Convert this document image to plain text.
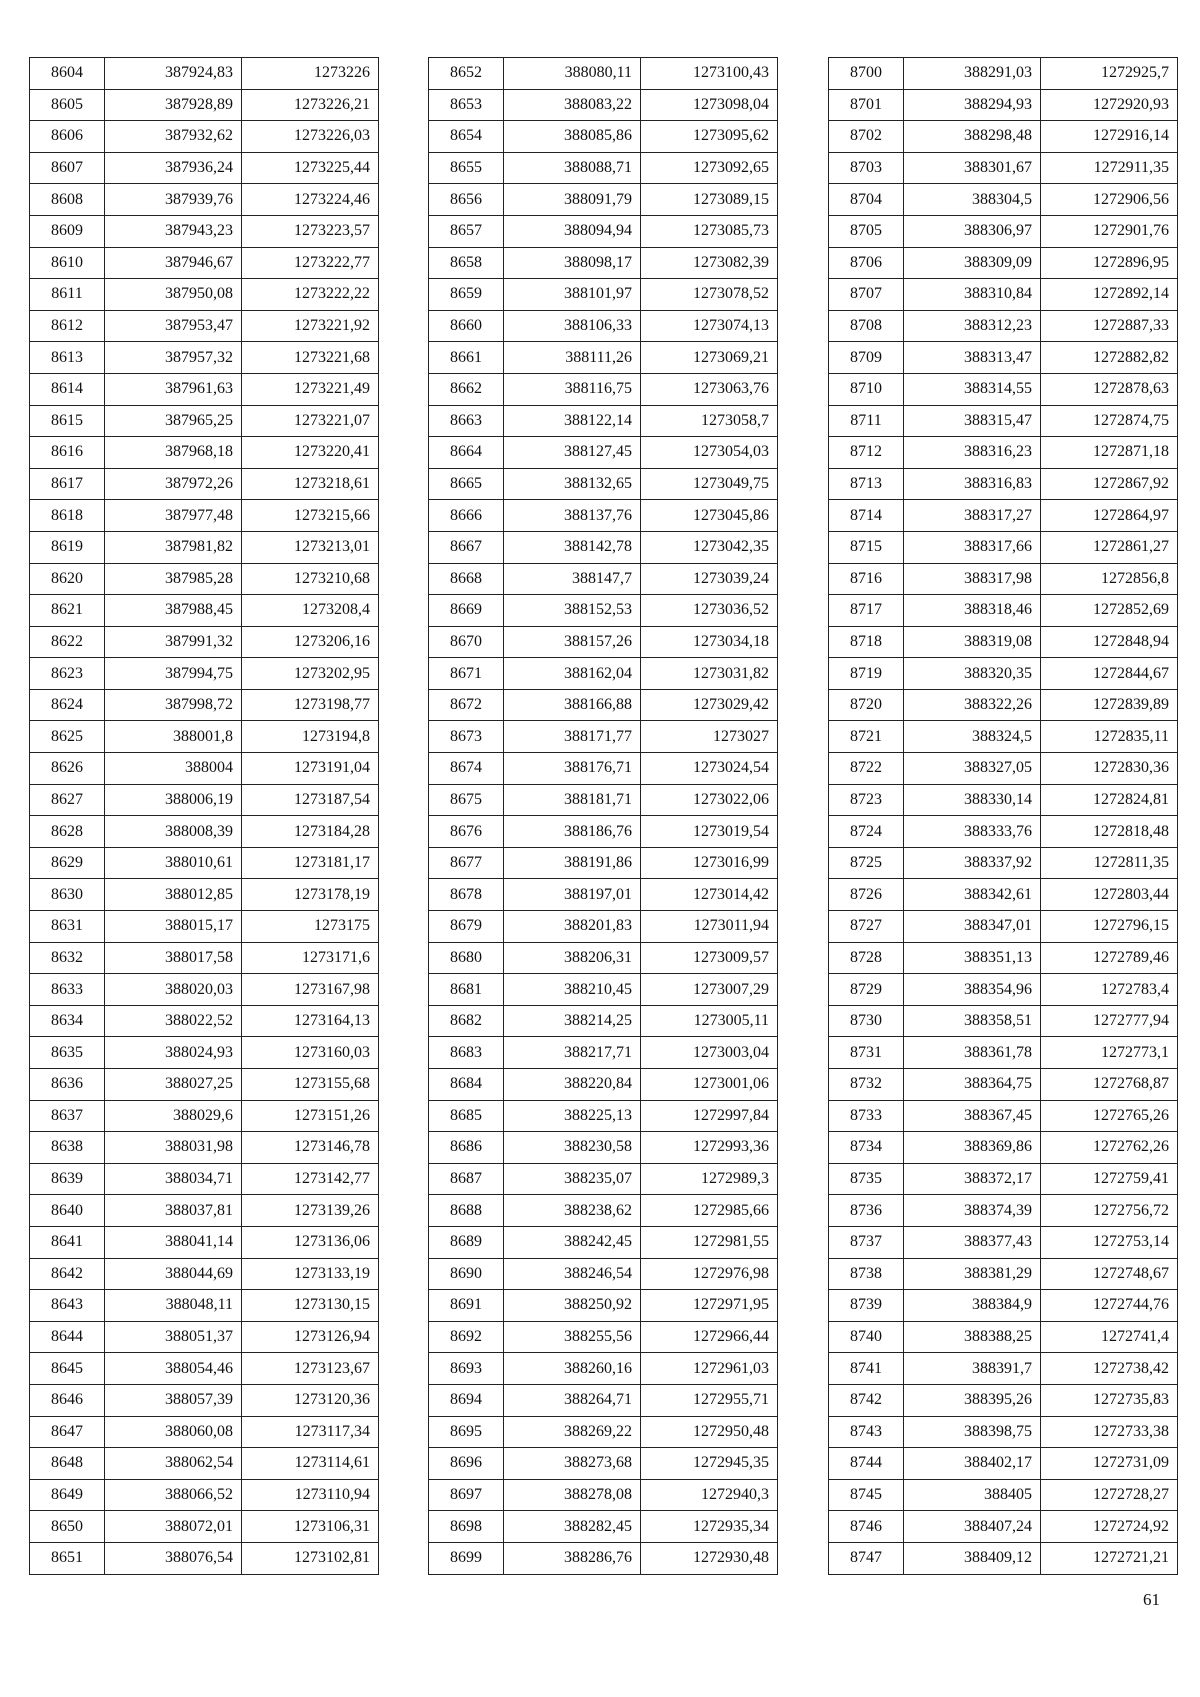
8604	387924,83	1273226
8605	387928,89	1273226,21
8606	387932,62	1273226,03
8607	387936,24	1273225,44
8608	387939,76	1273224,46
8609	387943,23	1273223,57
8610	387946,67	1273222,77
8611	387950,08	1273222,22
8612	387953,47	1273221,92
8613	387957,32	1273221,68
8614	387961,63	1273221,49
8615	387965,25	1273221,07
8616	387968,18	1273220,41
8617	387972,26	1273218,61
8618	387977,48	1273215,66
8619	387981,82	1273213,01
8620	387985,28	1273210,68
8621	387988,45	1273208,4
8622	387991,32	1273206,16
8623	387994,75	1273202,95
8624	387998,72	1273198,77
8625	388001,8	1273194,8
8626	388004	1273191,04
8627	388006,19	1273187,54
8628	388008,39	1273184,28
8629	388010,61	1273181,17
8630	388012,85	1273178,19
8631	388015,17	1273175
8632	388017,58	1273171,6
8633	388020,03	1273167,98
8634	388022,52	1273164,13
8635	388024,93	1273160,03
8636	388027,25	1273155,68
8637	388029,6	1273151,26
8638	388031,98	1273146,78
8639	388034,71	1273142,77
8640	388037,81	1273139,26
8641	388041,14	1273136,06
8642	388044,69	1273133,19
8643	388048,11	1273130,15
8644	388051,37	1273126,94
8645	388054,46	1273123,67
8646	388057,39	1273120,36
8647	388060,08	1273117,34
8648	388062,54	1273114,61
8649	388066,52	1273110,94
8650	388072,01	1273106,31
8651	388076,54	1273102,81
8652	388080,11	1273100,43
8653	388083,22	1273098,04
8654	388085,86	1273095,62
8655	388088,71	1273092,65
8656	388091,79	1273089,15
8657	388094,94	1273085,73
8658	388098,17	1273082,39
8659	388101,97	1273078,52
8660	388106,33	1273074,13
8661	388111,26	1273069,21
8662	388116,75	1273063,76
8663	388122,14	1273058,7
8664	388127,45	1273054,03
8665	388132,65	1273049,75
8666	388137,76	1273045,86
8667	388142,78	1273042,35
8668	388147,7	1273039,24
8669	388152,53	1273036,52
8670	388157,26	1273034,18
8671	388162,04	1273031,82
8672	388166,88	1273029,42
8673	388171,77	1273027
8674	388176,71	1273024,54
8675	388181,71	1273022,06
8676	388186,76	1273019,54
8677	388191,86	1273016,99
8678	388197,01	1273014,42
8679	388201,83	1273011,94
8680	388206,31	1273009,57
8681	388210,45	1273007,29
8682	388214,25	1273005,11
8683	388217,71	1273003,04
8684	388220,84	1273001,06
8685	388225,13	1272997,84
8686	388230,58	1272993,36
8687	388235,07	1272989,3
8688	388238,62	1272985,66
8689	388242,45	1272981,55
8690	388246,54	1272976,98
8691	388250,92	1272971,95
8692	388255,56	1272966,44
8693	388260,16	1272961,03
8694	388264,71	1272955,71
8695	388269,22	1272950,48
8696	388273,68	1272945,35
8697	388278,08	1272940,3
8698	388282,45	1272935,34
8699	388286,76	1272930,48
8700	388291,03	1272925,7
8701	388294,93	1272920,93
8702	388298,48	1272916,14
8703	388301,67	1272911,35
8704	388304,5	1272906,56
8705	388306,97	1272901,76
8706	388309,09	1272896,95
8707	388310,84	1272892,14
8708	388312,23	1272887,33
8709	388313,47	1272882,82
8710	388314,55	1272878,63
8711	388315,47	1272874,75
8712	388316,23	1272871,18
8713	388316,83	1272867,92
8714	388317,27	1272864,97
8715	388317,66	1272861,27
8716	388317,98	1272856,8
8717	388318,46	1272852,69
8718	388319,08	1272848,94
8719	388320,35	1272844,67
8720	388322,26	1272839,89
8721	388324,5	1272835,11
8722	388327,05	1272830,36
8723	388330,14	1272824,81
8724	388333,76	1272818,48
8725	388337,92	1272811,35
8726	388342,61	1272803,44
8727	388347,01	1272796,15
8728	388351,13	1272789,46
8729	388354,96	1272783,4
8730	388358,51	1272777,94
8731	388361,78	1272773,1
8732	388364,75	1272768,87
8733	388367,45	1272765,26
8734	388369,86	1272762,26
8735	388372,17	1272759,41
8736	388374,39	1272756,72
8737	388377,43	1272753,14
8738	388381,29	1272748,67
8739	388384,9	1272744,76
8740	388388,25	1272741,4
8741	388391,7	1272738,42
8742	388395,26	1272735,83
8743	388398,75	1272733,38
8744	388402,17	1272731,09
8745	388405	1272728,27
8746	388407,24	1272724,92
8747	388409,12	1272721,21
61
